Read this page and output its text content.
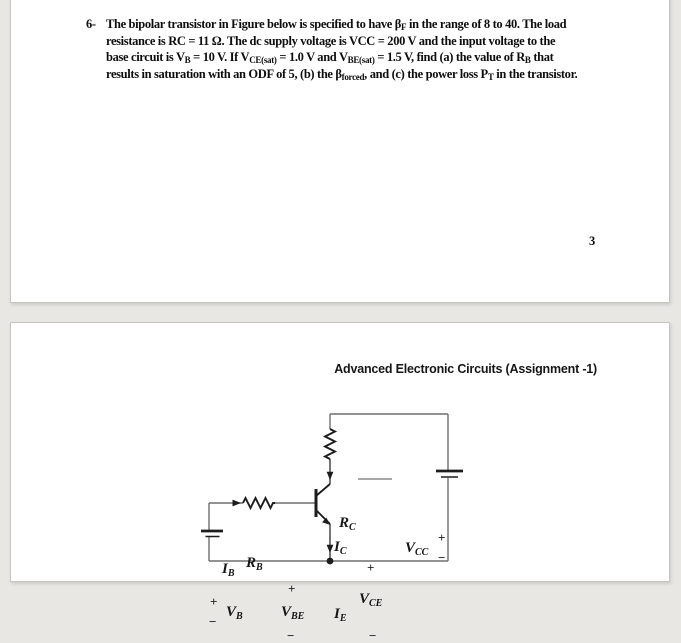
6- The bipolar transistor in Figure below is specified to have βF in the range of 8 to 40. The load
resistance is RC = 11 Ω. The dc supply voltage is VCC = 200 V and the input voltage to the
base circuit is VB = 10 V. If VCE(sat) = 1.0 V and VBE(sat) = 1.5 V, find (a) the value of RB that
results in saturation with an ODF of 5, (b) the βforced, and (c) the power loss PT in the transistor.
3
Advanced Electronic Circuits (Assignment -1)
IB
RB
VB	VBE
RC
IC
IE
VCE
VCC
+
−
+
−
+
−
+
−
